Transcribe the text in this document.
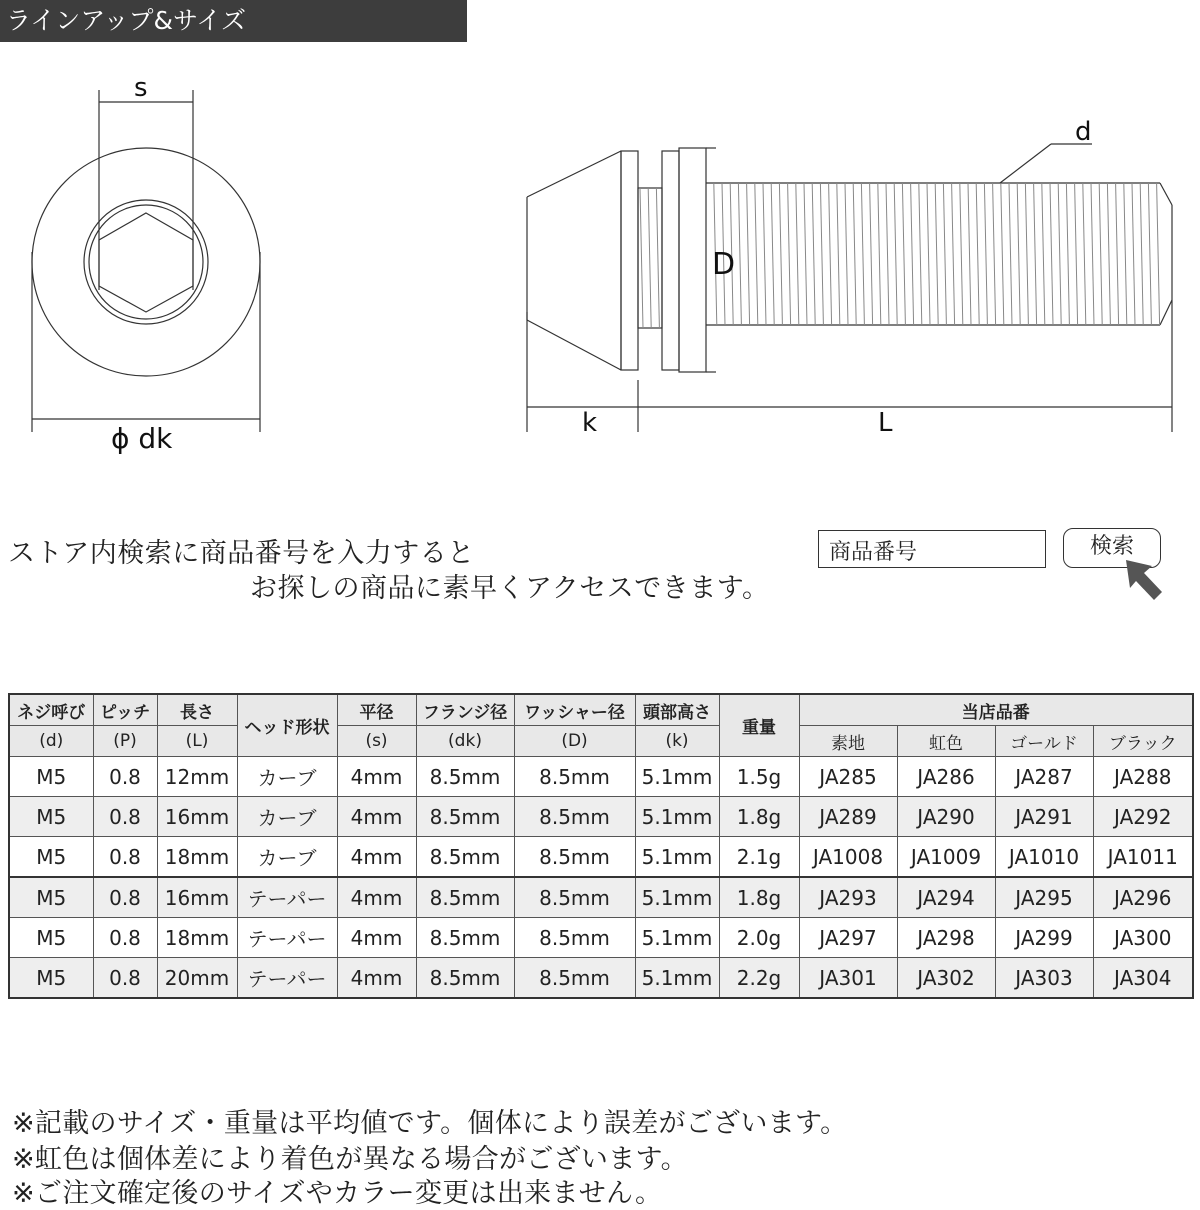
ラインアップ&サイズ
s
ϕ dk
d
D
k	L
ストア内検索に商品番号を入力すると
お探しの商品に素早くアクセスできます。
商品番号	検索
ネジ呼び	ピッチ	長さ	ヘッド形状	平径	フランジ径	ワッシャー径	頭部高さ	重量	当店品番			
(d)	(P)	(L)		(s)	(dk)	(D)	(k)		素地	虹色	ゴールド	ブラック
M5	0.8	12mm	カーブ	4mm	8.5mm	8.5mm	5.1mm	1.5g	JA285	JA286	JA287	JA288
M5	0.8	16mm	カーブ	4mm	8.5mm	8.5mm	5.1mm	1.8g	JA289	JA290	JA291	JA292
M5	0.8	18mm	カーブ	4mm	8.5mm	8.5mm	5.1mm	2.1g	JA1008	JA1009	JA1010	JA1011
M5	0.8	16mm	テーパー	4mm	8.5mm	8.5mm	5.1mm	1.8g	JA293	JA294	JA295	JA296
M5	0.8	18mm	テーパー	4mm	8.5mm	8.5mm	5.1mm	2.0g	JA297	JA298	JA299	JA300
M5	0.8	20mm	テーパー	4mm	8.5mm	8.5mm	5.1mm	2.2g	JA301	JA302	JA303	JA304
※記載のサイズ・重量は平均値です。個体により誤差がございます。
※虹色は個体差により着色が異なる場合がございます。
※ご注文確定後のサイズやカラー変更は出来ません。
